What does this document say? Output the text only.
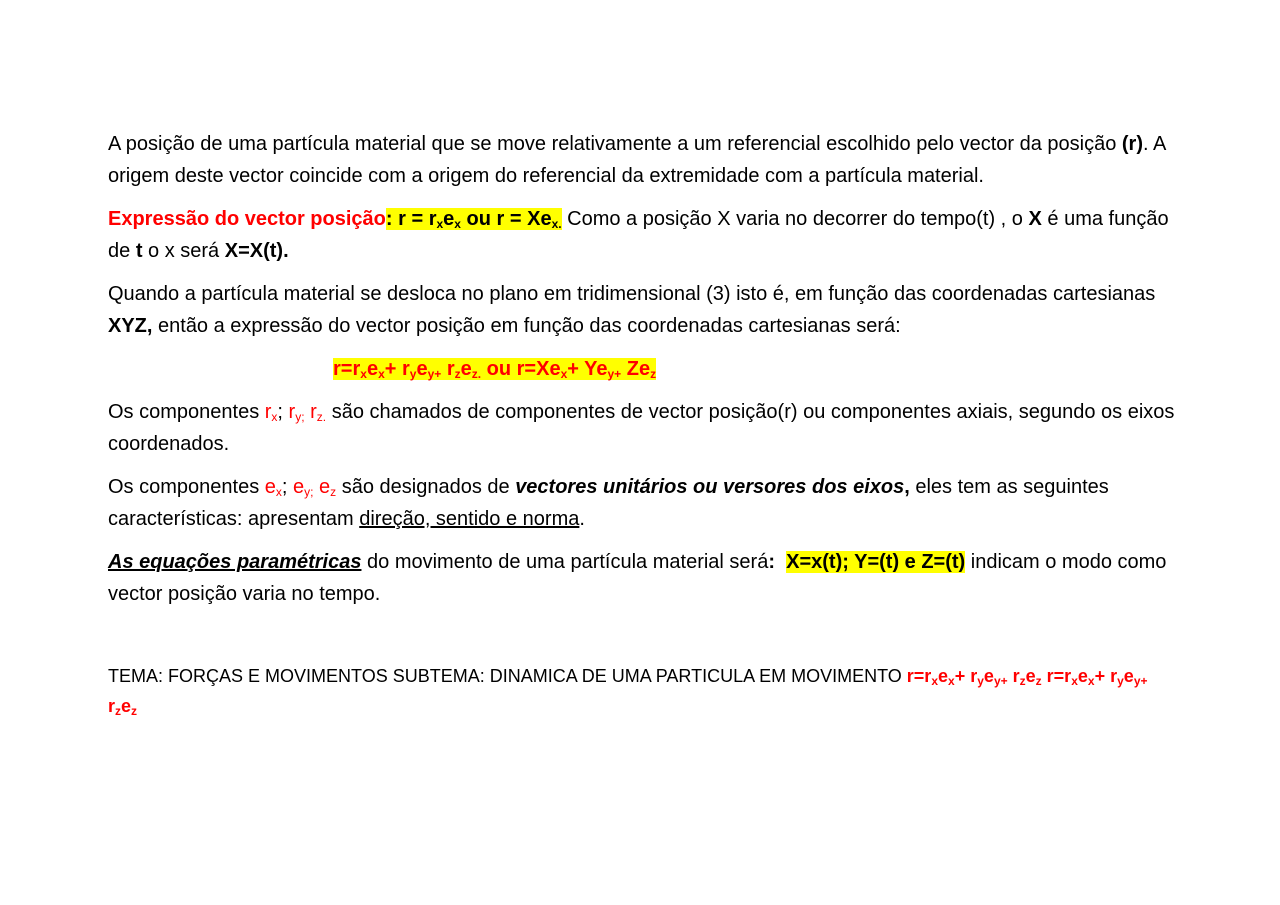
A posição de uma partícula material que se move relativamente a um referencial escolhido pelo vector da posição (r). A origem deste vector coincide com a origem do referencial da extremidade com a partícula material.

Expressão do vector posição: $r = r_xe_x$ ou $r = Xe_{x.}$ Como a posição X varia no decorrer do tempo(t) , o X é uma função de t o x será X=X(t).

Quando a partícula material se desloca no plano em tridimensional (3) isto é, em função das coordenadas cartesianas XYZ, então a expressão do vector posição em função das coordenadas cartesianas será:

$r=r_xe_x+ r_ye_{y+}$ $r_ze_{z.}$ ou $r=Xe_x+ Ye_{y+}$ $Ze_z$

Os componentes $r_x$; $r_{y;}$ $r_{z.}$ são chamados de componentes de vector posição(r) ou componentes axiais, segundo os eixos coordenados.

Os componentes $e_x$; $e_{y;}$ $e_z$ são designados de vectores unitários ou versores dos eixos, eles tem as seguintes características: apresentam direção, sentido e norma.

As equações paramétricas do movimento de uma partícula material será: X=x(t); Y=(t) e Z=(t) indicam o modo como vector posição varia no tempo.

TEMA: FORÇAS E MOVIMENTOS SUBTEMA: DINAMICA DE UMA PARTICULA EM MOVIMENTO $r=r_xe_x+ r_ye_{y+}$ $r_ze_z$ $r=r_xe_x+ r_ye_{y+}$ $r_ze_z$
